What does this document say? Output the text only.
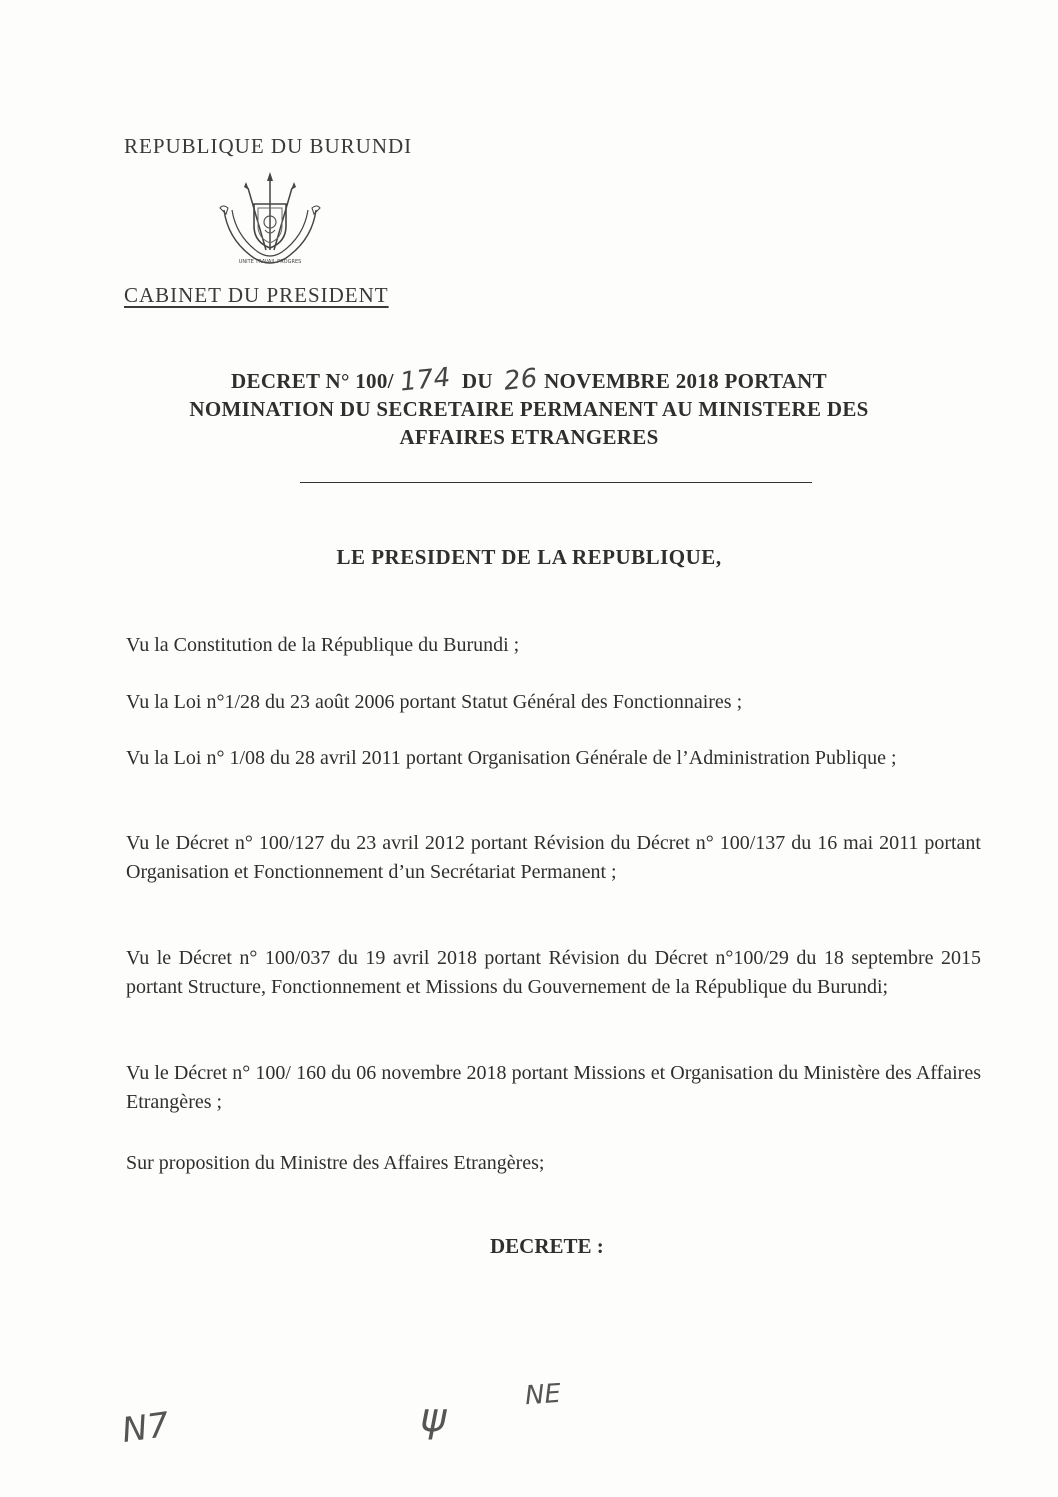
REPUBLIQUE DU BURUNDI
UNITE TRAVAIL PROGRES
CABINET DU PRESIDENT
DECRET N° 100/ 174 DU 26 NOVEMBRE 2018 PORTANT
NOMINATION DU SECRETAIRE PERMANENT AU MINISTERE DES
AFFAIRES ETRANGERES
LE PRESIDENT DE LA REPUBLIQUE,
Vu la Constitution de la République du Burundi ;
Vu la Loi n°1/28 du 23 août 2006 portant Statut Général des Fonctionnaires ;
Vu la Loi n° 1/08 du 28 avril 2011 portant Organisation Générale de l’Administration Publique ;
Vu le Décret n° 100/127 du 23 avril 2012 portant Révision du Décret n° 100/137 du 16 mai 2011 portant Organisation et Fonctionnement d’un Secrétariat Permanent ;
Vu le Décret n° 100/037 du 19 avril 2018 portant Révision du Décret n°100/29 du 18 septembre 2015 portant Structure, Fonctionnement et Missions du Gouvernement de la République du Burundi;
Vu le Décret n° 100/ 160 du 06 novembre 2018 portant Missions et Organisation du Ministère des Affaires Etrangères ;
Sur proposition du Ministre des Affaires Etrangères;
DECRETE :
N7	ψ	NE
